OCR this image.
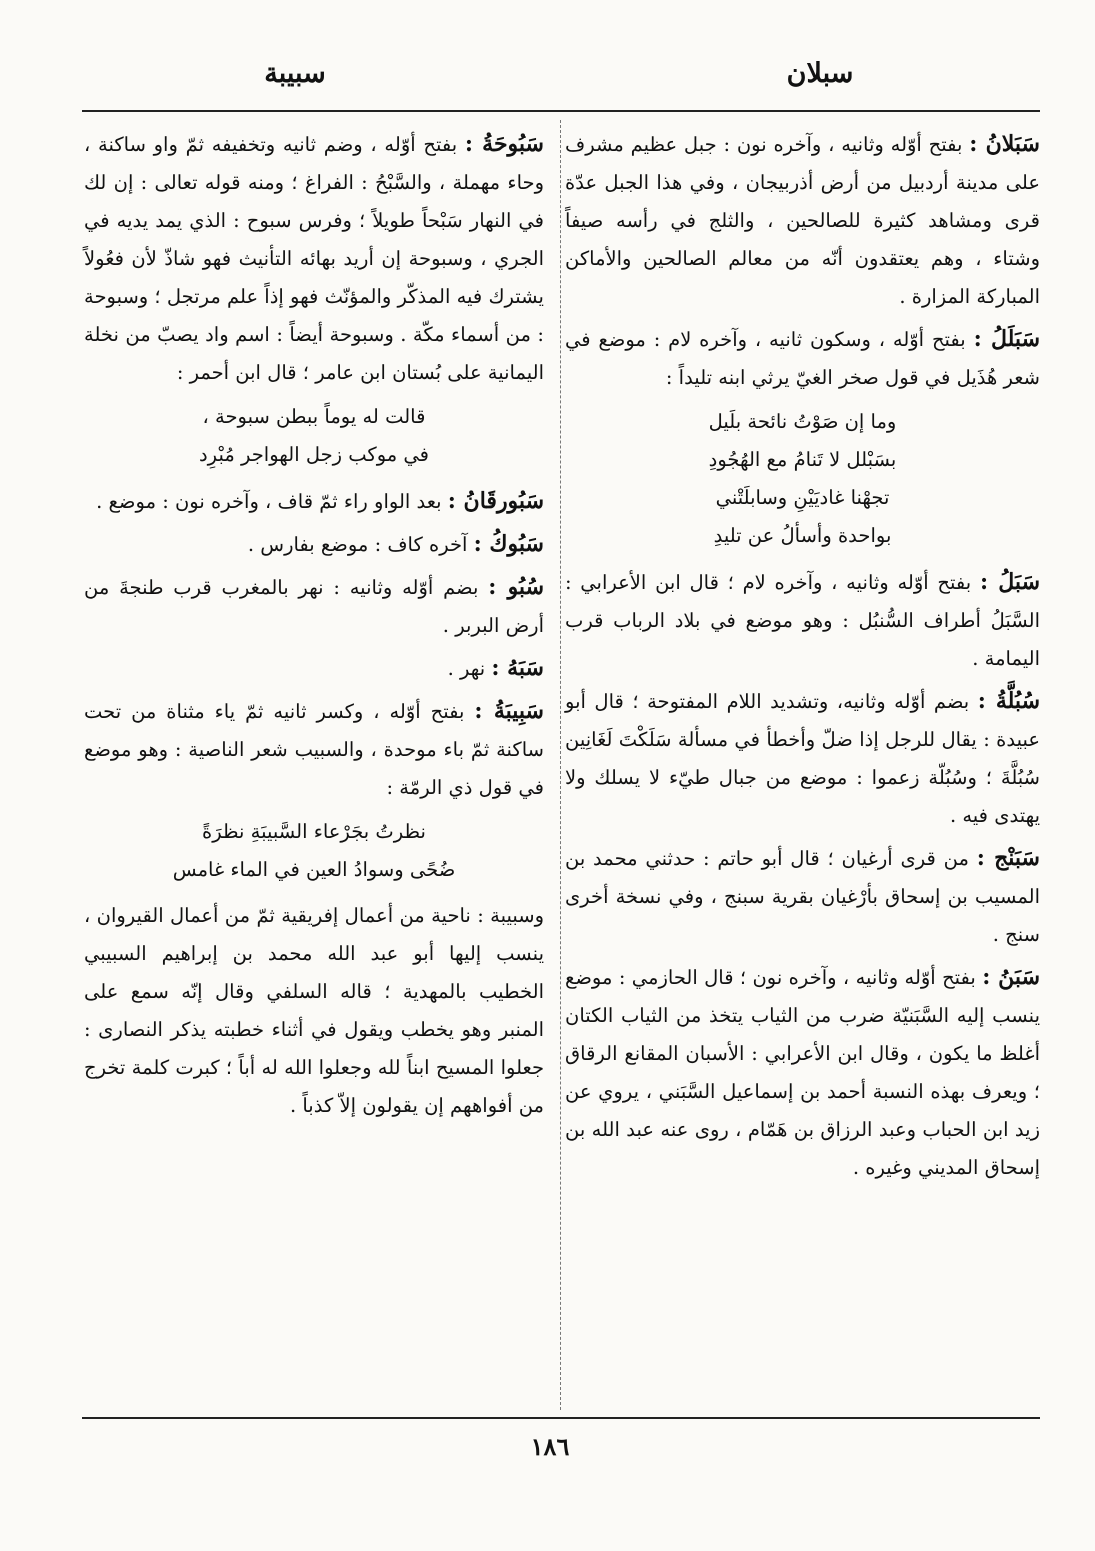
سبلان
سبيبة
سَبَلانُ : بفتح أوّله وثانيه ، وآخره نون : جبل عظيم مشرف على مدينة أردبيل من أرض أذربيجان ، وفي هذا الجبل عدّة قرى ومشاهد كثيرة للصالحين ، والثلج في رأسه صيفاً وشتاء ، وهم يعتقدون أنّه من معالم الصالحين والأماكن المباركة المزارة .
سَبَلَلُ : بفتح أوّله ، وسكون ثانيه ، وآخره لام : موضع في شعر هُذَيل في قول صخر الغيّ يرثي ابنه تليداً :
وما إن صَوْتُ نائحة بلَيل
بسَبْلل لا تَنامُ مع الهُجُودِ
تجهْنا غاديَيْنِ وسابلَتْني
بواحدة وأسألُ عن تليدِ
سَبَلُ : بفتح أوّله وثانيه ، وآخره لام ؛ قال ابن الأعرابي : السَّبَلُ أطراف السُّنبُل : وهو موضع في بلاد الرباب قرب اليمامة .
سُبُلَّةُ : بضم أوّله وثانيه، وتشديد اللام المفتوحة ؛ قال أبو عبيدة : يقال للرجل إذا ضلّ وأخطأ في مسألة سَلَكْتَ لَغَانِين سُبُلَّةَ ؛ وسُبُلّة زعموا : موضع من جبال طيّء لا يسلك ولا يهتدى فيه .
سَبَنْج : من قرى أرغيان ؛ قال أبو حاتم : حدثني محمد بن المسيب بن إسحاق بأرْغيان بقرية سبنج ، وفي نسخة أخرى سنج .
سَبَنُ : بفتح أوّله وثانيه ، وآخره نون ؛ قال الحازمي : موضع ينسب إليه السَّبَنيّة ضرب من الثياب يتخذ من الثياب الكتان أغلظ ما يكون ، وقال ابن الأعرابي : الأسبان المقانع الرقاق ؛ ويعرف بهذه النسبة أحمد بن إسماعيل السَّبَني ، يروي عن زيد ابن الحباب وعبد الرزاق بن هَمّام ، روى عنه عبد الله بن إسحاق المديني وغيره .
سَبُوحَةُ : بفتح أوّله ، وضم ثانيه وتخفيفه ثمّ واو ساكنة ، وحاء مهملة ، والسَّبْحُ : الفراغ ؛ ومنه قوله تعالى : إن لك في النهار سَبْحاً طويلاً ؛ وفرس سبوح : الذي يمد يديه في الجري ، وسبوحة إن أريد بهائه التأنيث فهو شاذّ لأن فعُولاً يشترك فيه المذكّر والمؤنّث فهو إذاً علم مرتجل ؛ وسبوحة : من أسماء مكّة . وسبوحة أيضاً : اسم واد يصبّ من نخلة اليمانية على بُستان ابن عامر ؛ قال ابن أحمر :
قالت له يوماً ببطن سبوحة ،
في موكب زجل الهواجر مُبْرِد
سَبُورقَانُ : بعد الواو راء ثمّ قاف ، وآخره نون : موضع .
سَبُوكُ : آخره كاف : موضع بفارس .
سُبُو : بضم أوّله وثانيه : نهر بالمغرب قرب طنجةَ من أرض البربر .
سَبَهُ : نهر .
سَبِيبَةُ : بفتح أوّله ، وكسر ثانيه ثمّ ياء مثناة من تحت ساكنة ثمّ باء موحدة ، والسبيب شعر الناصية : وهو موضع في قول ذي الرمّة :
نظرتُ بجَرْعاء السَّبيبَةِ نظرَةً
ضُحًى وسوادُ العين في الماء غامس
وسبيبة : ناحية من أعمال إفريقية ثمّ من أعمال القيروان ، ينسب إليها أبو عبد الله محمد بن إبراهيم السبيبي الخطيب بالمهدية ؛ قاله السلفي وقال إنّه سمع على المنبر وهو يخطب ويقول في أثناء خطبته يذكر النصارى : جعلوا المسيح ابناً لله وجعلوا الله له أباً ؛ كبرت كلمة تخرج من أفواههم إن يقولون إلاّ كذباً .
١٨٦
